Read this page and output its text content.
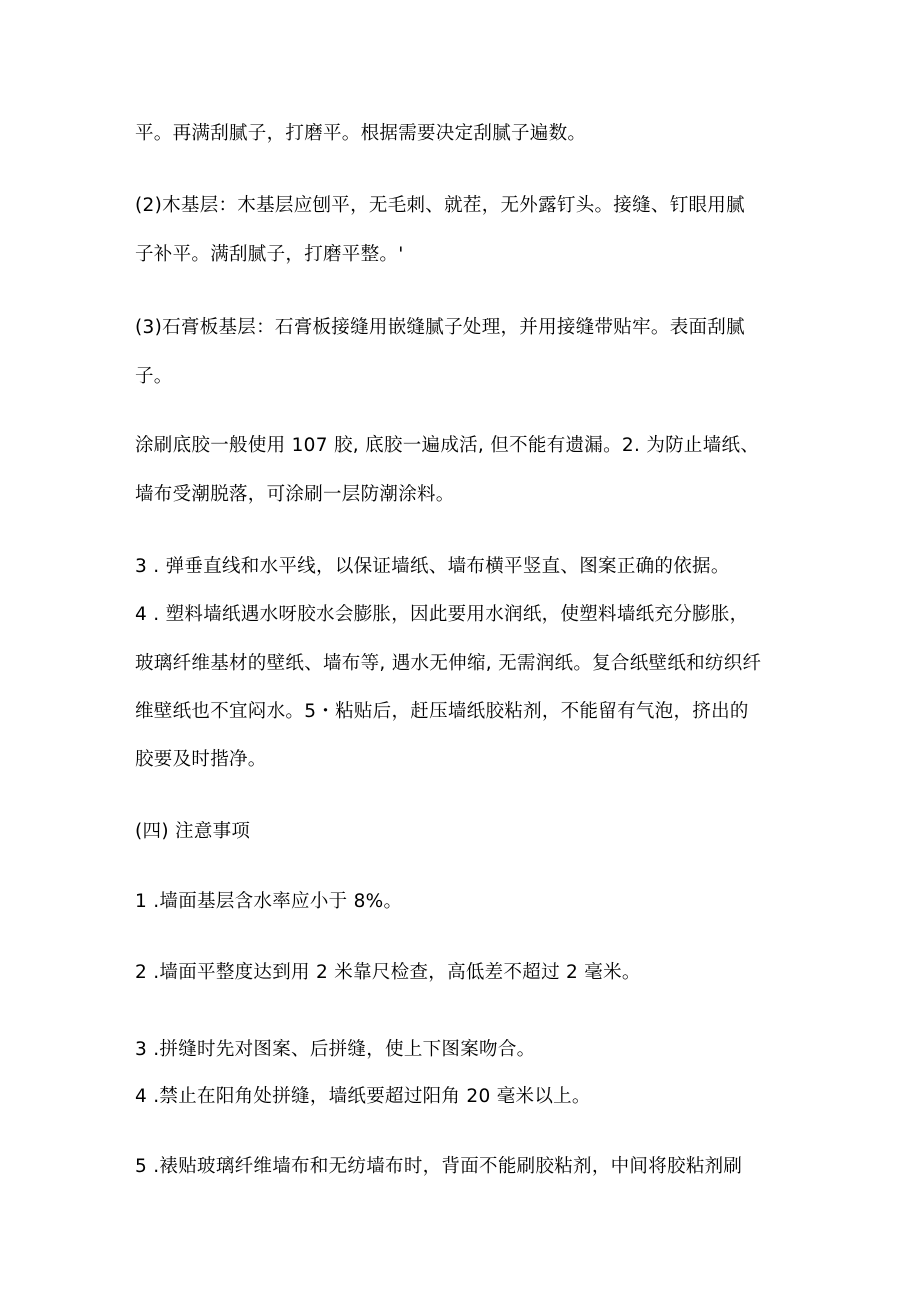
平。再满刮腻子，打磨平。根据需要决定刮腻子遍数。
(2)木基层：木基层应刨平，无毛刺、就茬，无外露钉头。接缝、钉眼用腻
子补平。满刮腻子，打磨平整。'
(3)石膏板基层：石膏板接缝用嵌缝腻子处理，并用接缝带贴牢。表面刮腻
子。
涂刷底胶一般使用 107 胶, 底胶一遍成活, 但不能有遗漏。2. 为防止墙纸、
墙布受潮脱落，可涂刷一层防潮涂料。
3 . 弹垂直线和水平线，以保证墙纸、墙布横平竖直、图案正确的依据。
4 . 塑料墙纸遇水呀胶水会膨胀，因此要用水润纸，使塑料墙纸充分膨胀，
玻璃纤维基材的壁纸、墙布等, 遇水无伸缩, 无需润纸。复合纸壁纸和纺织纤
维壁纸也不宜闷水。5・粘贴后，赶压墙纸胶粘剂，不能留有气泡，挤出的
胶要及时揩净。
(四) 注意事项
1 .墙面基层含水率应小于 8%。
2 .墙面平整度达到用 2 米靠尺检查，高低差不超过 2 毫米。
3 .拼缝时先对图案、后拼缝，使上下图案吻合。
4 .禁止在阳角处拼缝，墙纸要超过阳角 20 毫米以上。
5 .裱贴玻璃纤维墙布和无纺墙布时，背面不能刷胶粘剂，中间将胶粘剂刷
